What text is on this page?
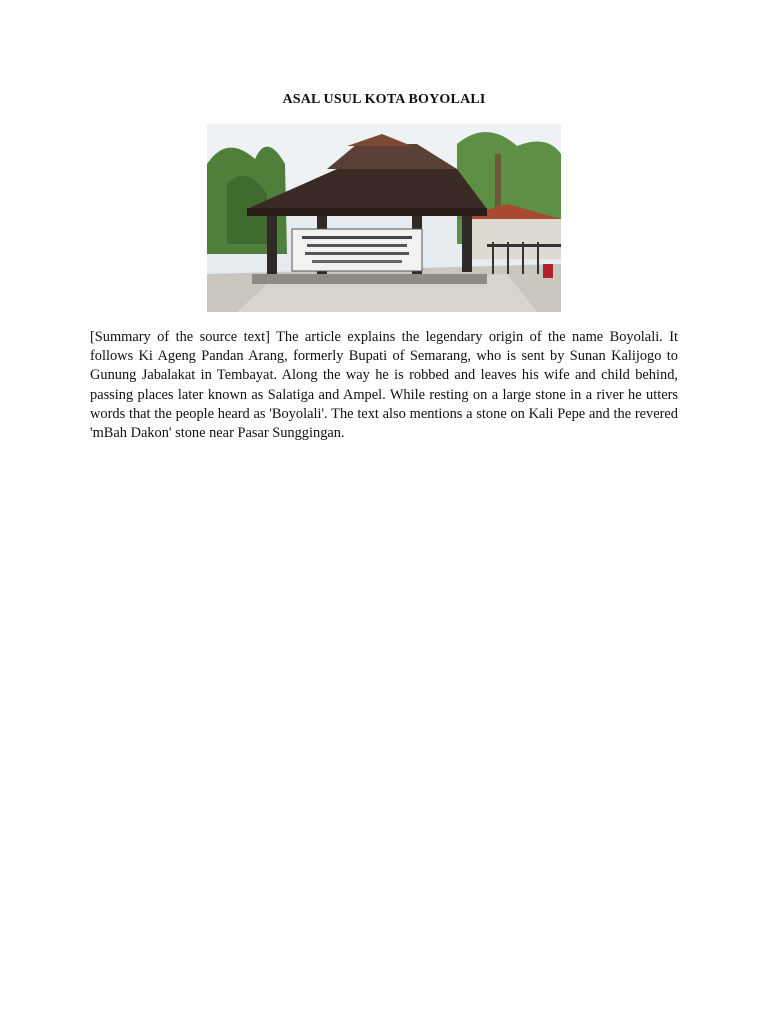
ASAL USUL KOTA BOYOLALI

[Summary of the source text] The article explains the legendary origin of the name Boyolali. It follows Ki Ageng Pandan Arang, formerly Bupati of Semarang, who is sent by Sunan Kalijogo to Gunung Jabalakat in Tembayat. Along the way he is robbed and leaves his wife and child behind, passing places later known as Salatiga and Ampel. While resting on a large stone in a river he utters words that the people heard as 'Boyolali'. The text also mentions a stone on Kali Pepe and the revered 'mBah Dakon' stone near Pasar Sunggingan.
